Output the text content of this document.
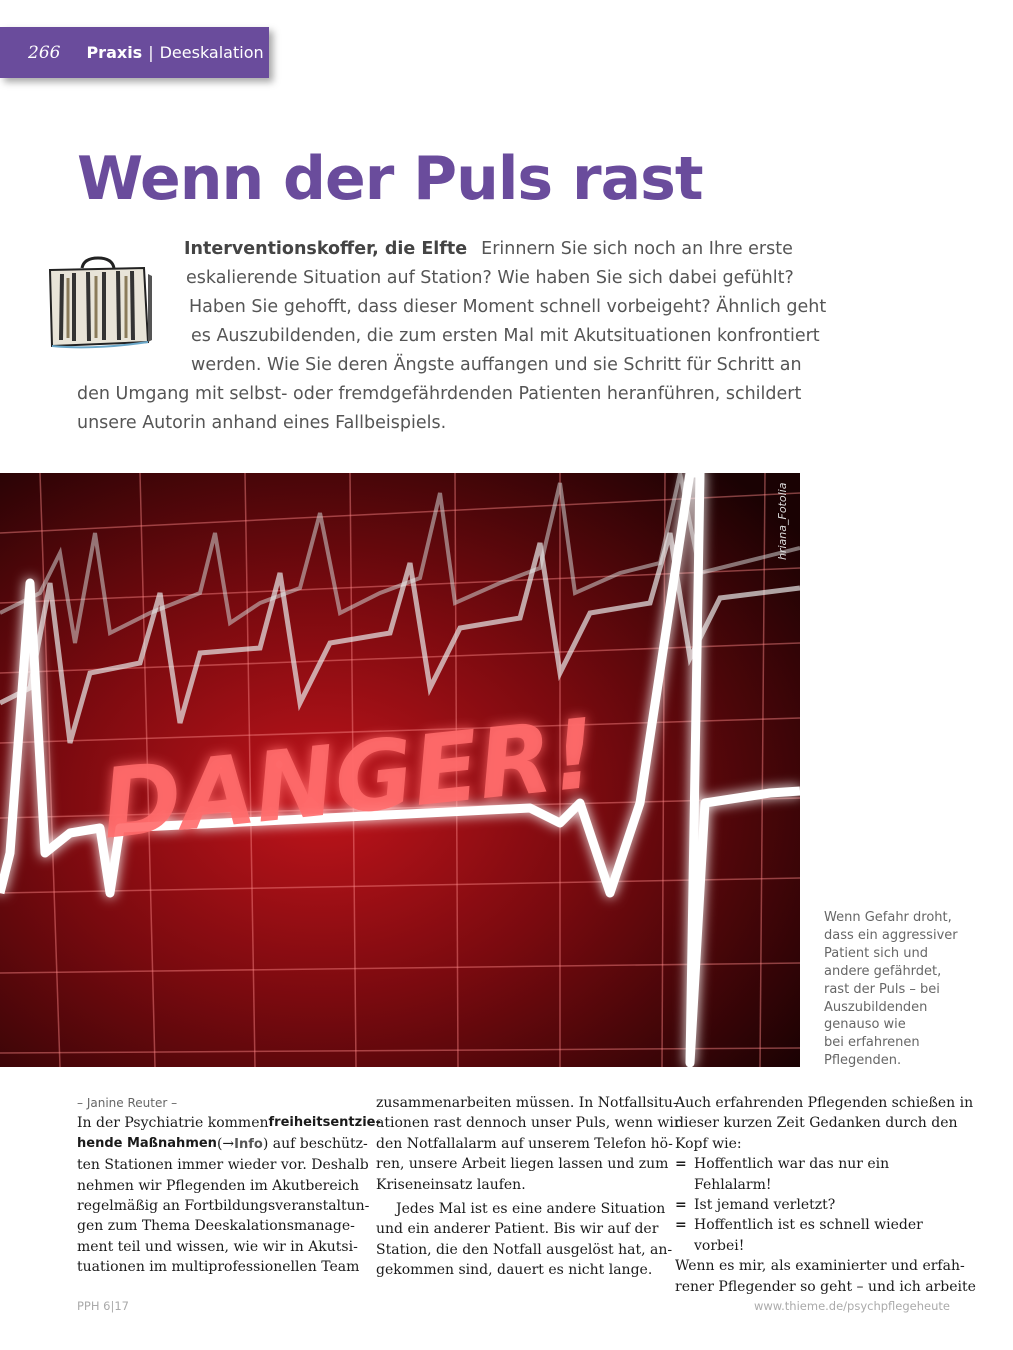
266 Praxis | Deeskalation
Wenn der Puls rast
Interventionskoffer, die Elfte Erinnern Sie sich noch an Ihre erste
eskalierende Situation auf Station? Wie haben Sie sich dabei gefühlt?
Haben Sie gehofft, dass dieser Moment schnell vorbeigeht? Ähnlich geht
es Auszubildenden, die zum ersten Mal mit Akutsituationen konfrontiert
werden. Wie Sie deren Ängste auffangen und sie Schritt für Schritt an
den Umgang mit selbst- oder fremdgefährdenden Patienten heranführen, schildert
unsere Autorin anhand eines Fallbeispiels.
DANGER!
hriana_Fotolia
Wenn Gefahr droht,
dass ein aggressiver
Patient sich und
andere gefährdet,
rast der Puls – bei
Auszubildenden
genauso wie
bei erfahrenen
Pflegenden.
– Janine Reuter –
In der Psychiatrie kommen freiheitsentzie-
hende Maßnahmen (→Info) auf beschütz-
ten Stationen immer wieder vor. Deshalb
nehmen wir Pflegenden im Akutbereich
regelmäßig an Fortbildungsveranstaltun-
gen zum Thema Deeskalationsmanage-
ment teil und wissen, wie wir in Akutsi-
tuationen im multiprofessionellen Team
zusammenarbeiten müssen. In Notfallsitu-
ationen rast dennoch unser Puls, wenn wir
den Notfallalarm auf unserem Telefon hö-
ren, unsere Arbeit liegen lassen und zum
Kriseneinsatz laufen.
Jedes Mal ist es eine andere Situation
und ein anderer Patient. Bis wir auf der
Station, die den Notfall ausgelöst hat, an-
gekommen sind, dauert es nicht lange.
Auch erfahrenden Pflegenden schießen in
dieser kurzen Zeit Gedanken durch den
Kopf wie:
= Hoffentlich war das nur ein Fehlalarm!
= Ist jemand verletzt?
= Hoffentlich ist es schnell wieder
vorbei!
Wenn es mir, als examinierter und erfah-
rener Pflegender so geht – und ich arbeite
PPH 6|17	www.thieme.de/psychpflegeheute
